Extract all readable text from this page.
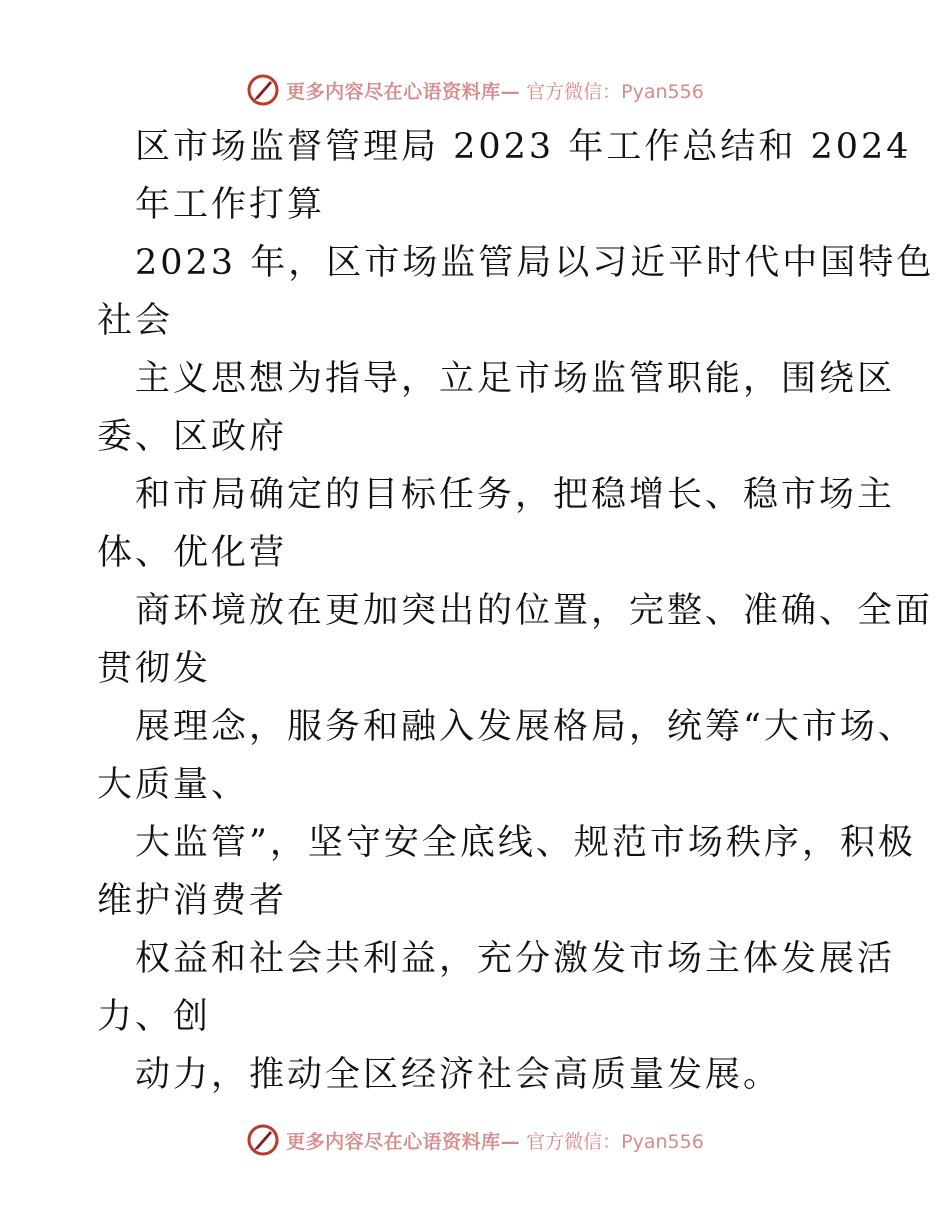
更多内容尽在心语资料库— 官方微信：Pyan556
区市场监督管理局 2023 年工作总结和 2024
年工作打算
2023 年，区市场监管局以习近平时代中国特色
社会
主义思想为指导，立足市场监管职能，围绕区
委、区政府
和市局确定的目标任务，把稳增长、稳市场主
体、优化营
商环境放在更加突出的位置，完整、准确、全面
贯彻发
展理念，服务和融入发展格局，统筹“大市场、
大质量、
大监管”，坚守安全底线、规范市场秩序，积极
维护消费者
权益和社会共利益，充分激发市场主体发展活
力、创
动力，推动全区经济社会高质量发展。
更多内容尽在心语资料库— 官方微信：Pyan556
